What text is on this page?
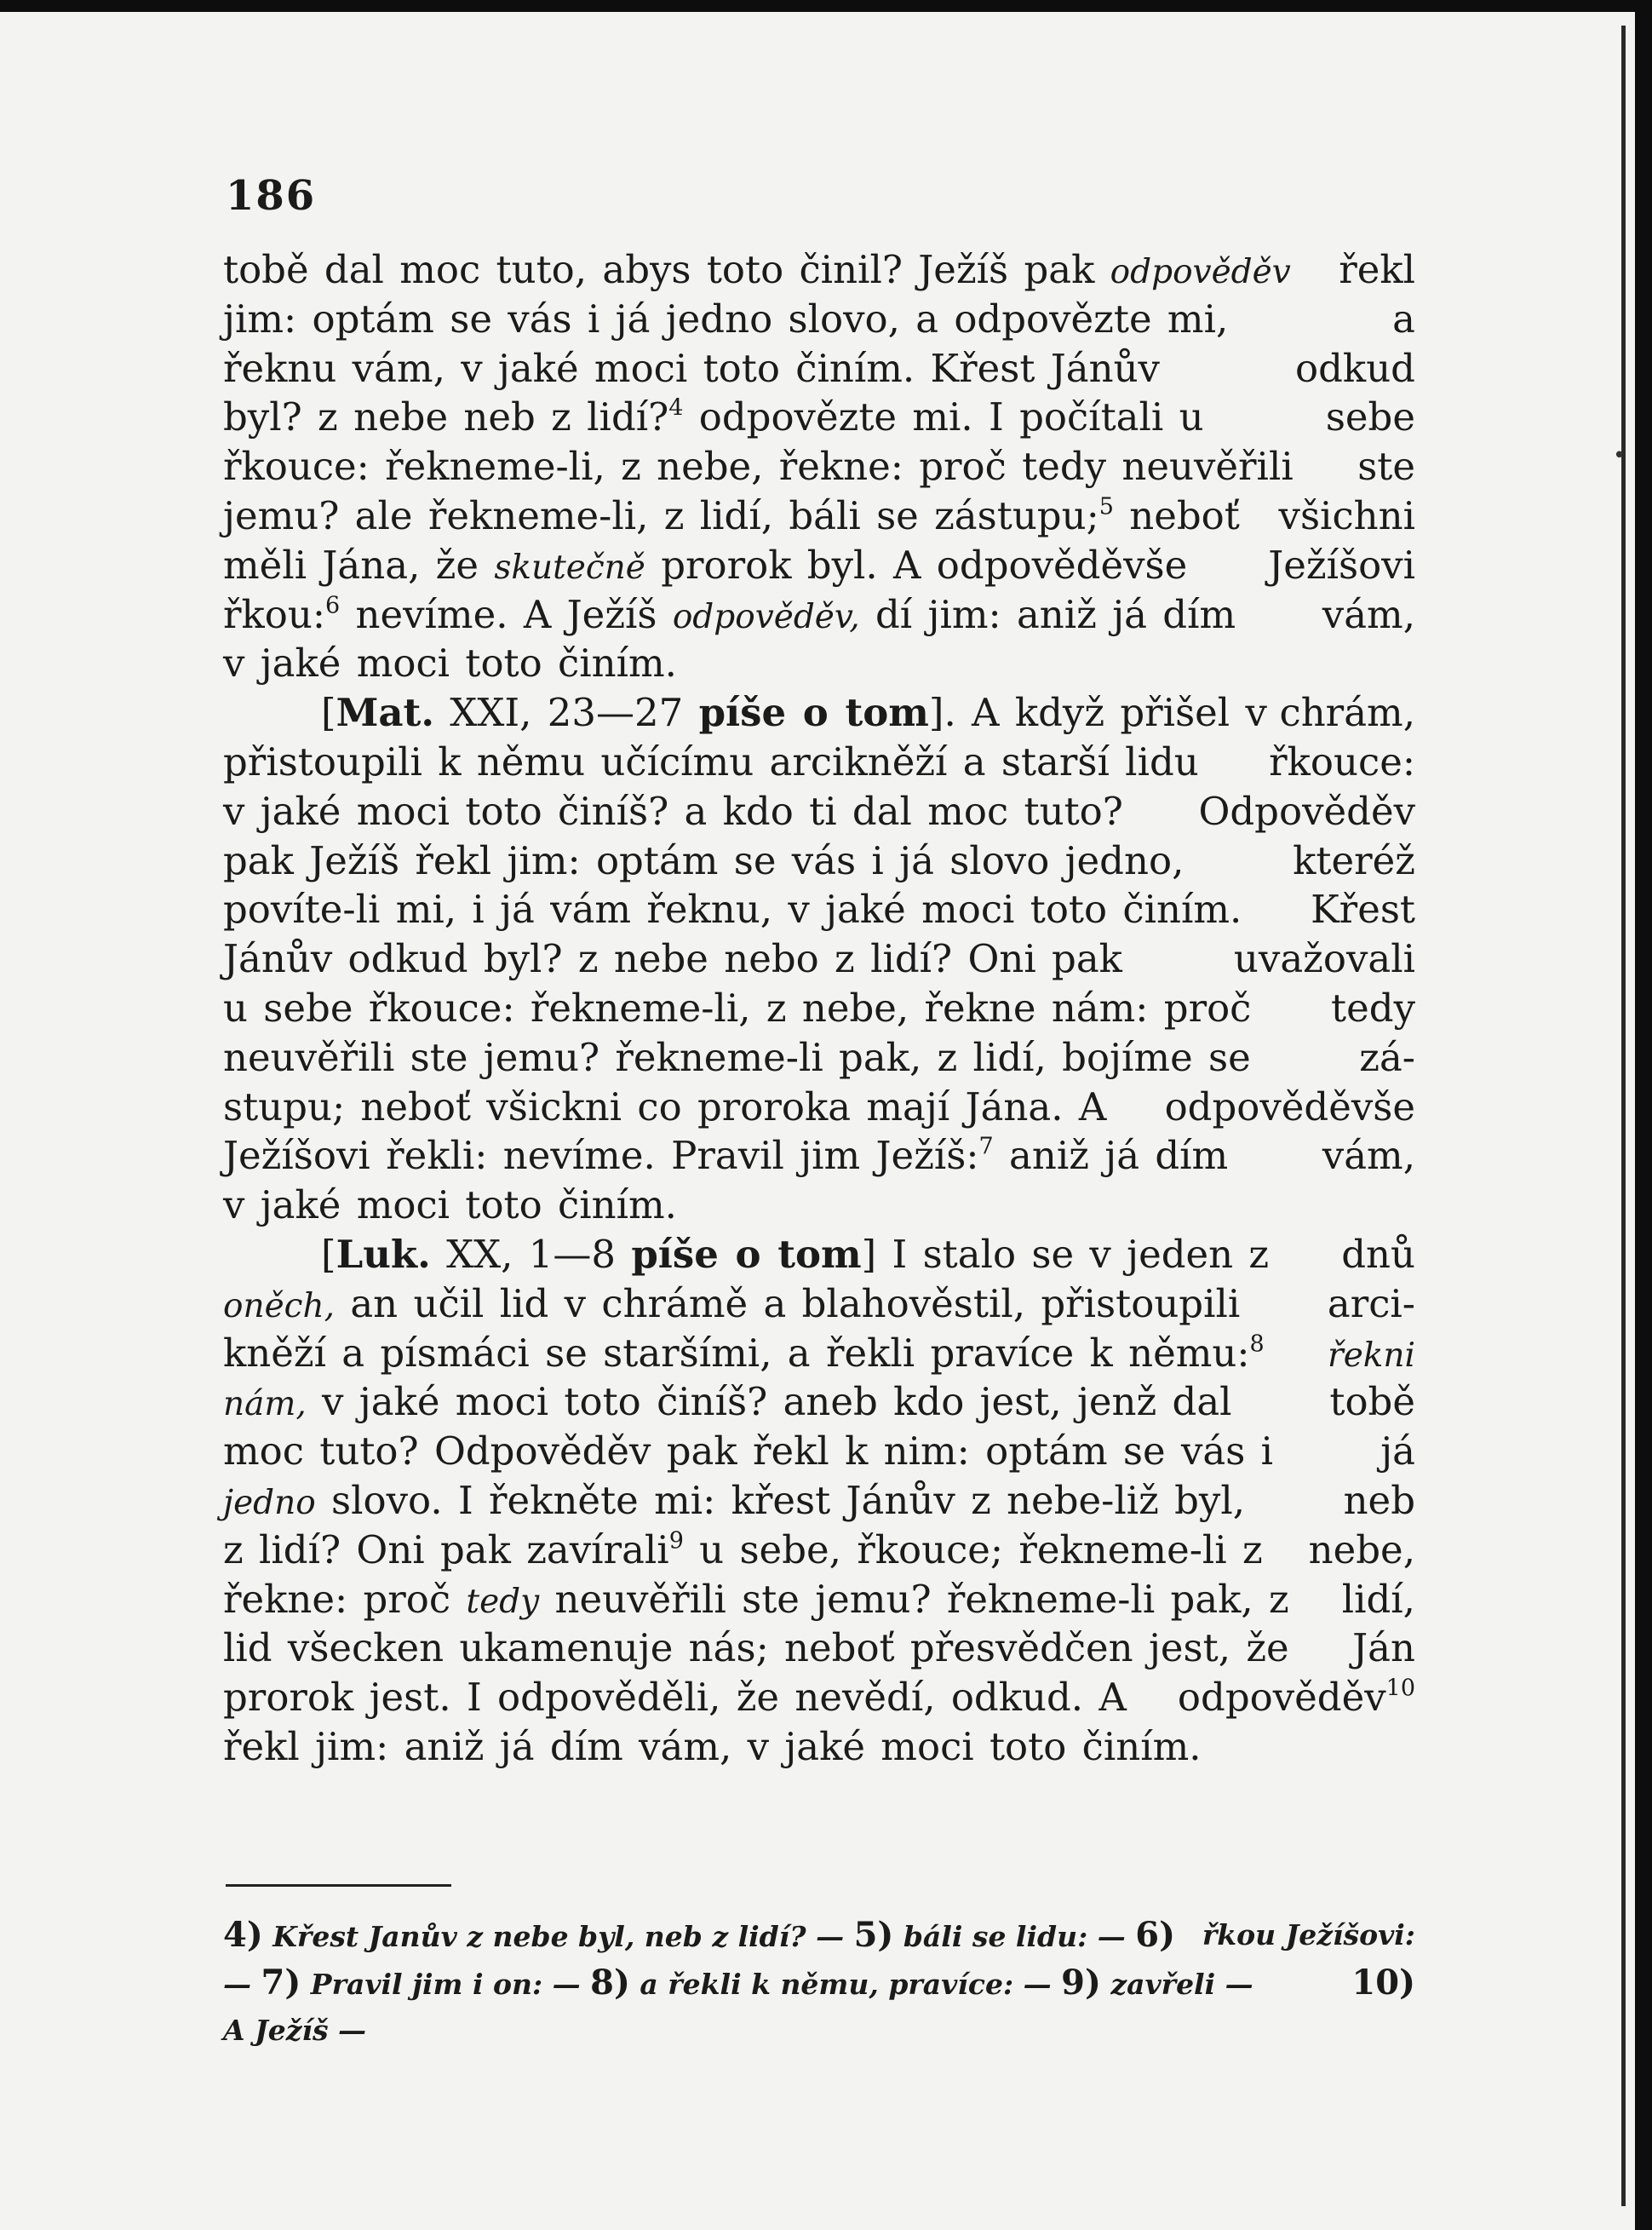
•
186
tobě dal moc tuto, abys toto činil? Ježíš pak odpověděv řekl
jim: optám se vás i já jedno slovo, a odpovězte mi,	a
řeknu vám, v jaké moci toto činím. Křest Jánův	odkud
byl? z nebe neb z lidí?$^4$ odpovězte mi. I počítali u	sebe
řkouce: řekneme-li, z nebe, řekne: proč tedy neuvěřili ste
jemu? ale řekneme-li, z lidí, báli se zástupu;$^5$ neboť všichni
měli Jána, že skutečně prorok byl. A odpověděvše Ježíšovi
řkou:$^6$ nevíme. A Ježíš odpověděv, dí jim: aniž já dím vám,
v jaké moci toto činím.
[Mat. XXI, 23—27 píše o tom]. A když přišel v chrám,
přistoupili k němu učícímu arcikněží a starší lidu řkouce:
v jaké moci toto činíš? a kdo ti dal moc tuto? Odpověděv
pak Ježíš řekl jim: optám se vás i já slovo jedno,	kteréž
povíte-li mi, i já vám řeknu, v jaké moci toto činím. Křest
Jánův odkud byl? z nebe nebo z lidí? Oni pak	uvažovali
u sebe řkouce: řekneme-li, z nebe, řekne nám: proč tedy
neuvěřili ste jemu? řekneme-li pak, z lidí, bojíme se	zá-
stupu; neboť všickni co proroka mají Jána. A odpověděvše
Ježíšovi řekli: nevíme. Pravil jim Ježíš:$^7$ aniž já dím vám,
v jaké moci toto činím.
[Luk. XX, 1—8 píše o tom] I stalo se v jeden z dnů
oněch, an učil lid v chrámě a blahověstil, přistoupili arci-
kněží a písmáci se staršími, a řekli pravíce k němu:$^8$ řekni
nám, v jaké moci toto činíš? aneb kdo jest, jenž dal	tobě
moc tuto? Odpověděv pak řekl k nim: optám se vás i	já
jedno slovo. I řekněte mi: křest Jánův z nebe-liž byl,	neb
z lidí? Oni pak zavírali$^9$ u sebe, řkouce; řekneme-li z nebe,
řekne: proč tedy neuvěřili ste jemu? řekneme-li pak, z lidí,
lid všecken ukamenuje nás; neboť přesvědčen jest, že Ján
prorok jest. I odpověděli, že nevědí, odkud. A odpověděv$^{10}$
řekl jim: aniž já dím vám, v jaké moci toto činím.
4) Křest Janův z nebe byl, neb z lidí? — 5) báli se lidu: — 6) řkou Ježíšovi:
— 7) Pravil jim i on: — 8) a řekli k němu, pravíce: — 9) zavřeli —	10)
A Ježíš —
